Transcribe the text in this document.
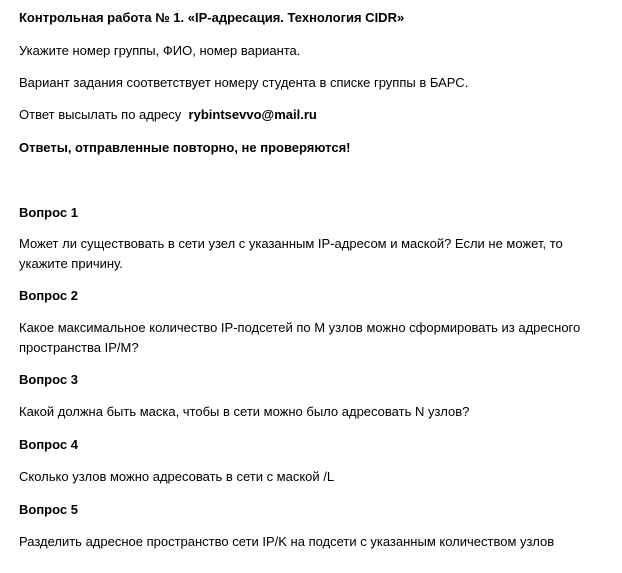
Контрольная работа № 1. «IP-адресация. Технология CIDR»
Укажите номер группы, ФИО, номер варианта.
Вариант задания соответствует номеру студента в списке группы в БАРС.
Ответ высылать по адресу rybintsevvo@mail.ru
Ответы, отправленные повторно, не проверяются!
Вопрос 1
Может ли существовать в сети узел с указанным IP-адресом и маской? Если не может, то укажите причину.
Вопрос 2
Какое максимальное количество IP-подсетей по M узлов можно сформировать из адресного пространства IP/M?
Вопрос 3
Какой должна быть маска, чтобы в сети можно было адресовать N узлов?
Вопрос 4
Сколько узлов можно адресовать в сети с маской /L
Вопрос 5
Разделить адресное пространство сети IP/K на подсети с указанным количеством узлов
